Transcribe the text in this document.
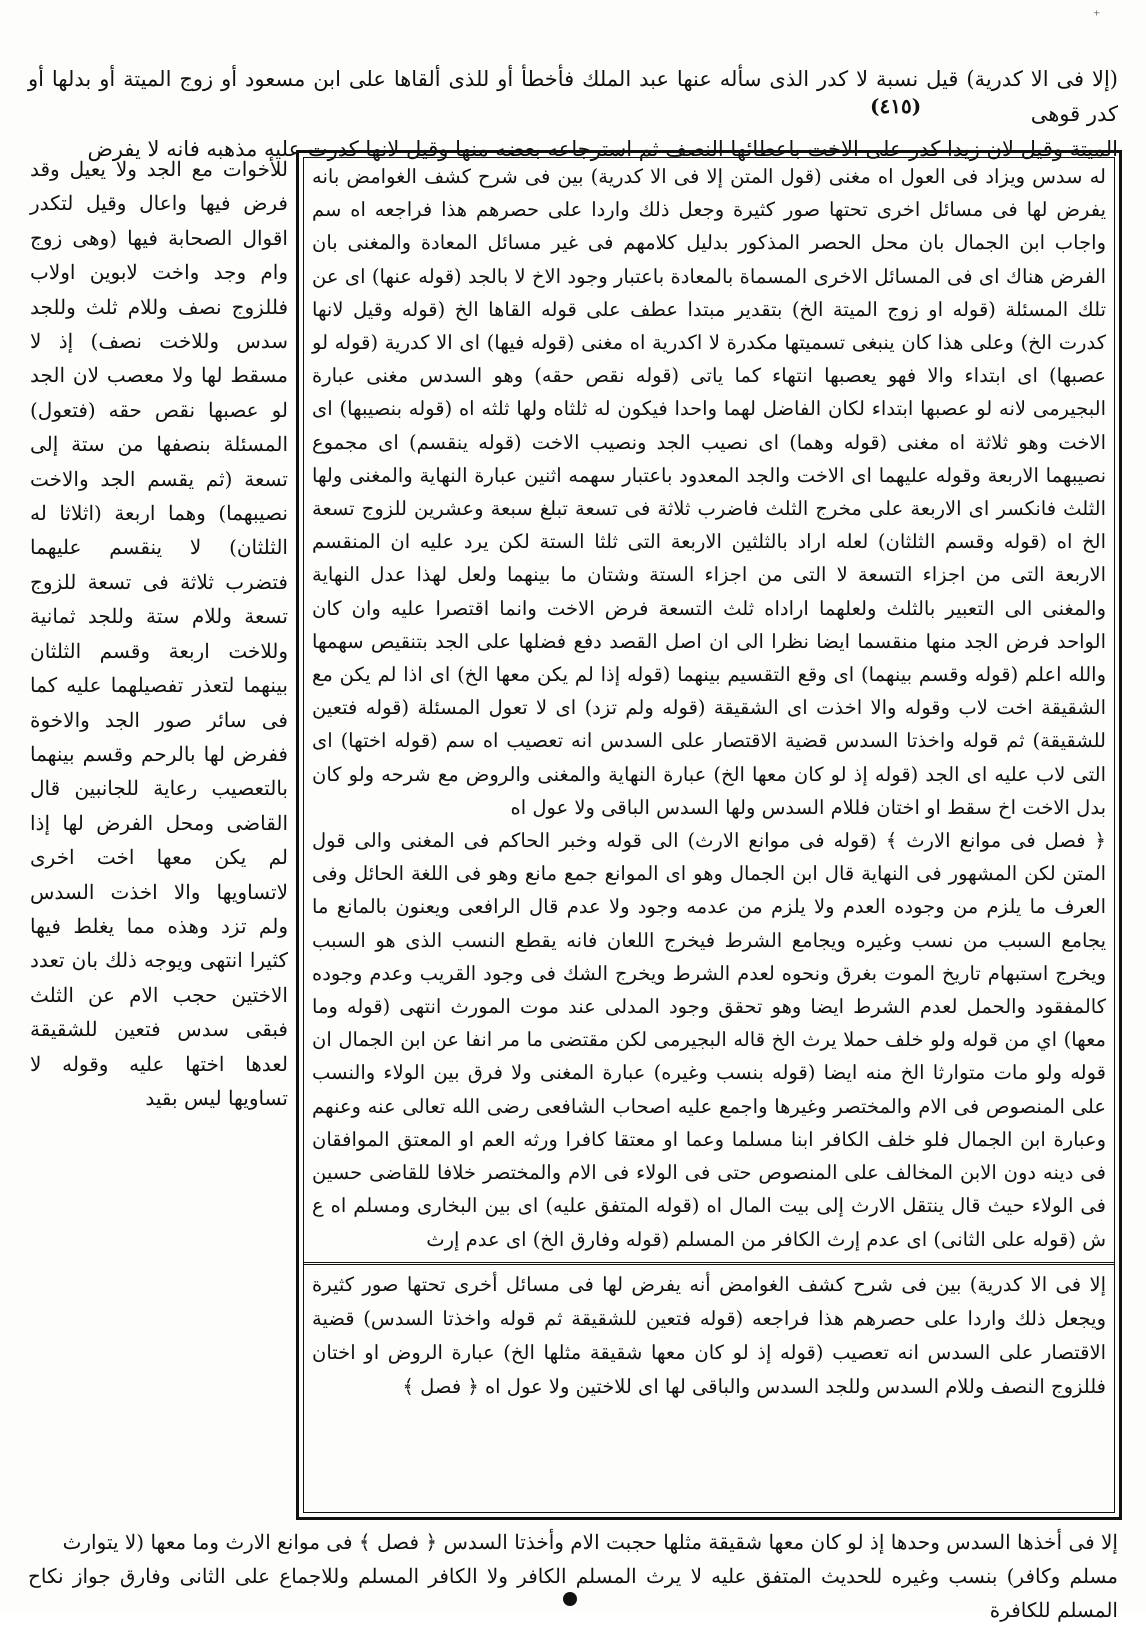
⁺
(إلا فى الا كدرية) قيل نسبة لا كدر الذى سأله عنها عبد الملك فأخطأ أو للذى ألقاها على ابن مسعود أو زوج الميتة أو بدلها أو كدر قوهى
الميتة وقيل لان زيدا كدر على الاخت باعطائها النصف ثم استرجاعه بعضه منها وقيل لانها كدرت عليه مذهبه فانه لا يفرض
(٤١٥)
له سدس ويزاد فى العول اه مغنى (قول المتن إلا فى الا كدرية) بين فى شرح كشف الغوامض بانه يفرض لها فى مسائل اخرى تحتها صور كثيرة وجعل ذلك واردا على حصرهم هذا فراجعه اه سم واجاب ابن الجمال بان محل الحصر المذكور بدليل كلامهم فى غير مسائل المعادة والمغنى بان الفرض هناك اى فى المسائل الاخرى المسماة بالمعادة باعتبار وجود الاخ لا بالجد (قوله عنها) اى عن تلك المسئلة (قوله او زوج الميتة الخ) بتقدير مبتدا عطف على قوله القاها الخ (قوله وقيل لانها كدرت الخ) وعلى هذا كان ينبغى تسميتها مكدرة لا اكدرية اه مغنى (قوله فيها) اى الا كدرية (قوله لو عصبها) اى ابتداء والا فهو يعصبها انتهاء كما ياتى (قوله نقص حقه) وهو السدس مغنى عبارة البجيرمى لانه لو عصبها ابتداء لكان الفاضل لهما واحدا فيكون له ثلثاه ولها ثلثه اه (قوله بنصيبها) اى الاخت وهو ثلاثة اه مغنى (قوله وهما) اى نصيب الجد ونصيب الاخت (قوله ينقسم) اى مجموع نصيبهما الاربعة وقوله عليهما اى الاخت والجد المعدود باعتبار سهمه اثنين عبارة النهاية والمغنى ولها الثلث فانكسر اى الاربعة على مخرج الثلث فاضرب ثلاثة فى تسعة تبلغ سبعة وعشرين للزوج تسعة الخ اه (قوله وقسم الثلثان) لعله اراد بالثلثين الاربعة التى ثلثا الستة لكن يرد عليه ان المنقسم الاربعة التى من اجزاء التسعة لا التى من اجزاء الستة وشتان ما بينهما ولعل لهذا عدل النهاية والمغنى الى التعبير بالثلث ولعلهما اراداه ثلث التسعة فرض الاخت وانما اقتصرا عليه وان كان الواحد فرض الجد منها منقسما ايضا نظرا الى ان اصل القصد دفع فضلها على الجد بتنقيص سهمها والله اعلم (قوله وقسم بينهما) اى وقع التقسيم بينهما (قوله إذا لم يكن معها الخ) اى اذا لم يكن مع الشقيقة اخت لاب وقوله والا اخذت اى الشقيقة (قوله ولم تزد) اى لا تعول المسئلة (قوله فتعين للشقيقة) ثم قوله واخذتا السدس قضية الاقتصار على السدس انه تعصيب اه سم (قوله اختها) اى التى لاب عليه اى الجد (قوله إذ لو كان معها الخ) عبارة النهاية والمغنى والروض مع شرحه ولو كان بدل الاخت اخ سقط او اختان فللام السدس ولها السدس الباقى ولا عول اه
﴿ فصل فى موانع الارث ﴾ (قوله فى موانع الارث) الى قوله وخبر الحاكم فى المغنى والى قول المتن لكن المشهور فى النهاية قال ابن الجمال وهو اى الموانع جمع مانع وهو فى اللغة الحائل وفى العرف ما يلزم من وجوده العدم ولا يلزم من عدمه وجود ولا عدم قال الرافعى ويعنون بالمانع ما يجامع السبب من نسب وغيره ويجامع الشرط فيخرج اللعان فانه يقطع النسب الذى هو السبب ويخرج استبهام تاريخ الموت بغرق ونحوه لعدم الشرط ويخرج الشك فى وجود القريب وعدم وجوده كالمفقود والحمل لعدم الشرط ايضا وهو تحقق وجود المدلى عند موت المورث انتهى (قوله وما معها) اي من قوله ولو خلف حملا يرث الخ قاله البجيرمى لكن مقتضى ما مر انفا عن ابن الجمال ان قوله ولو مات متوارثا الخ منه ايضا (قوله بنسب وغيره) عبارة المغنى ولا فرق بين الولاء والنسب على المنصوص فى الام والمختصر وغيرها واجمع عليه اصحاب الشافعى رضى الله تعالى عنه وعنهم وعبارة ابن الجمال فلو خلف الكافر ابنا مسلما وعما او معتقا كافرا ورثه العم او المعتق الموافقان فى دينه دون الابن المخالف على المنصوص حتى فى الولاء فى الام والمختصر خلافا للقاضى حسين فى الولاء حيث قال ينتقل الارث إلى بيت المال اه (قوله المتفق عليه) اى بين البخارى ومسلم اه ع ش (قوله على الثانى) اى عدم إرث الكافر من المسلم (قوله وفارق الخ) اى عدم إرث
إلا فى الا كدرية) بين فى شرح كشف الغوامض أنه يفرض لها فى مسائل أخرى تحتها صور كثيرة ويجعل ذلك واردا على حصرهم هذا فراجعه (قوله فتعين للشقيقة ثم قوله واخذتا السدس) قضية الاقتصار على السدس انه تعصيب (قوله إذ لو كان معها شقيقة مثلها الخ) عبارة الروض او اختان فللزوج النصف وللام السدس وللجد السدس والباقى لها اى للاختين ولا عول اه ﴿ فصل ﴾
للأخوات مع الجد ولا يعيل وقد فرض فيها واعال وقيل لتكدر اقوال الصحابة فيها (وهى زوج وام وجد واخت لابوين اولاب فللزوج نصف وللام ثلث وللجد سدس وللاخت نصف) إذ لا مسقط لها ولا معصب لان الجد لو عصبها نقص حقه (فتعول) المسئلة بنصفها من ستة إلى تسعة (ثم يقسم الجد والاخت نصيبهما) وهما اربعة (اثلاثا له الثلثان) لا ينقسم عليهما فتضرب ثلاثة فى تسعة للزوج تسعة وللام ستة وللجد ثمانية وللاخت اربعة وقسم الثلثان بينهما لتعذر تفصيلهما عليه كما فى سائر صور الجد والاخوة ففرض لها بالرحم وقسم بينهما بالتعصيب رعاية للجانبين قال القاضى ومحل الفرض لها إذا لم يكن معها اخت اخرى لاتساويها والا اخذت السدس ولم تزد وهذه مما يغلط فيها كثيرا انتهى ويوجه ذلك بان تعدد الاختين حجب الام عن الثلث فبقى سدس فتعين للشقيقة لعدها اختها عليه وقوله لا تساويها ليس بقيد
إلا فى أخذها السدس وحدها إذ لو كان معها شقيقة مثلها حجبت الام وأخذتا السدس ﴿ فصل ﴾ فى موانع الارث وما معها (لا يتوارث
مسلم وكافر) بنسب وغيره للحديث المتفق عليه لا يرث المسلم الكافر ولا الكافر المسلم وللاجماع على الثانى وفارق جواز نكاح المسلم للكافرة
